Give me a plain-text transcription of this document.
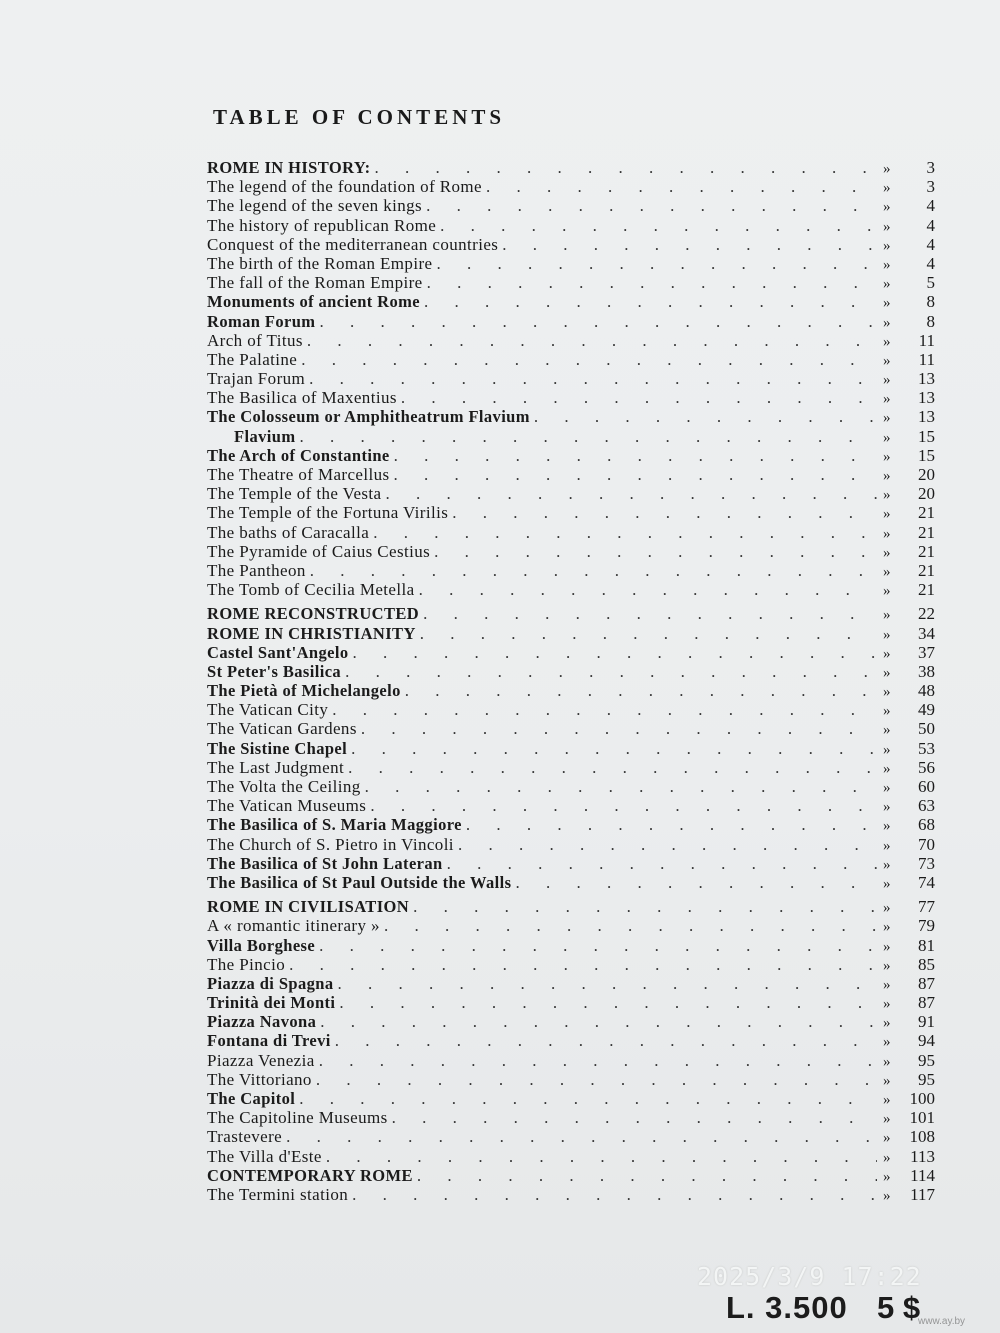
TABLE OF CONTENTS
ROME IN HISTORY: . . .	»	3
The legend of the foundation of Rome . . .	»	3
The legend of the seven kings . . .	»	4
The history of republican Rome . . .	»	4
Conquest of the mediterranean countries . . .	»	4
The birth of the Roman Empire . . .	»	4
The fall of the Roman Empire . . .	»	5
Monuments of ancient Rome . . .	»	8
Roman Forum . . .	»	8
Arch of Titus . . .	»	11
The Palatine . . .	»	11
Trajan Forum . . .	»	13
The Basilica of Maxentius . . .	»	13
The Colosseum or Amphitheatrum Flavium . . .	»	13
Flavium . . .	»	15
The Arch of Constantine . . .	»	15
The Theatre of Marcellus . . .	»	20
The Temple of the Vesta . . .	»	20
The Temple of the Fortuna Virilis . . .	»	21
The baths of Caracalla . . .	»	21
The Pyramide of Caius Cestius . . .	»	21
The Pantheon . . .	»	21
The Tomb of Cecilia Metella . . .	»	21
ROME RECONSTRUCTED . . .	»	22
ROME IN CHRISTIANITY . . .	»	34
Castel Sant'Angelo . . .	»	37
St Peter's Basilica . . .	»	38
The Pietà of Michelangelo . . .	»	48
The Vatican City . . .	»	49
The Vatican Gardens . . .	»	50
The Sistine Chapel . . .	»	53
The Last Judgment . . .	»	56
The Volta the Ceiling . . .	»	60
The Vatican Museums . . .	»	63
The Basilica of S. Maria Maggiore . . .	»	68
The Church of S. Pietro in Vincoli . . .	»	70
The Basilica of St John Lateran . . .	»	73
The Basilica of St Paul Outside the Walls . . .	»	74
ROME IN CIVILISATION . . .	»	77
A « romantic itinerary » . . .	»	79
Villa Borghese . . .	»	81
The Pincio . . .	»	85
Piazza di Spagna . . .	»	87
Trinità dei Monti . . .	»	87
Piazza Navona . . .	»	91
Fontana di Trevi . . .	»	94
Piazza Venezia . . .	»	95
The Vittoriano . . .	»	95
The Capitol . . .	»	100
The Capitoline Museums . . .	»	101
Trastevere . . .	»	108
The Villa d'Este . . .	»	113
CONTEMPORARY ROME . . .	»	114
The Termini station . . .	»	117
2025/3/9 17:22
L. 3.500 5 $
www.ay.by
